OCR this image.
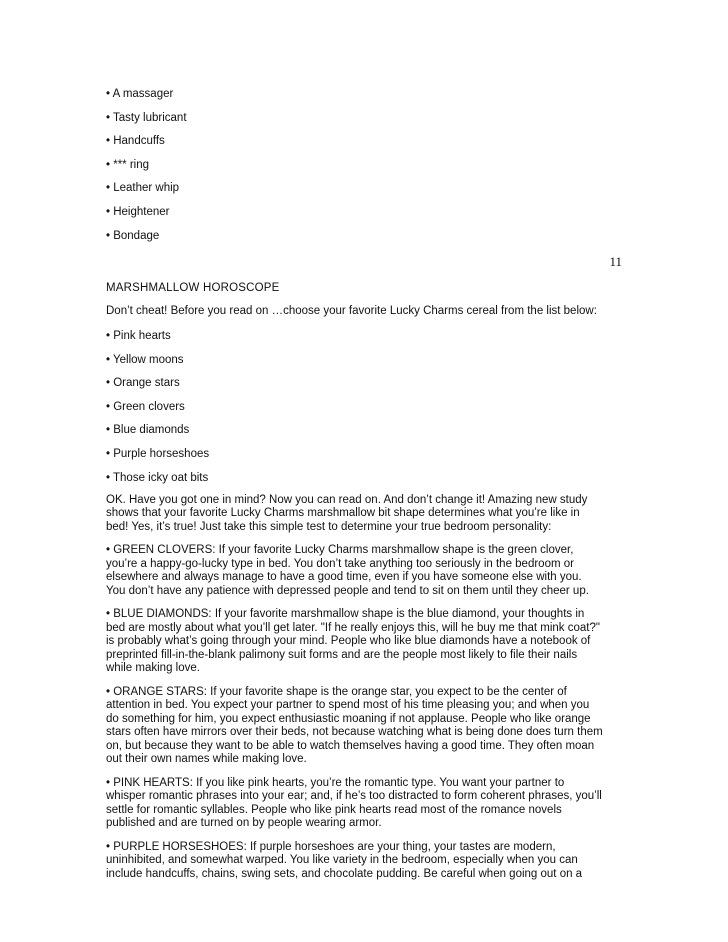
• A massager
• Tasty lubricant
• Handcuffs
• *** ring
• Leather whip
• Heightener
• Bondage
11
MARSHMALLOW HOROSCOPE
Don’t cheat! Before you read on …choose your favorite Lucky Charms cereal from the list below:
• Pink hearts
• Yellow moons
• Orange stars
• Green clovers
• Blue diamonds
• Purple horseshoes
• Those icky oat bits
OK. Have you got one in mind? Now you can read on. And don’t change it! Amazing new study
shows that your favorite Lucky Charms marshmallow bit shape determines what you’re like in
bed! Yes, it’s true! Just take this simple test to determine your true bedroom personality:
• GREEN CLOVERS: If your favorite Lucky Charms marshmallow shape is the green clover,
you’re a happy-go-lucky type in bed. You don’t take anything too seriously in the bedroom or
elsewhere and always manage to have a good time, even if you have someone else with you.
You don’t have any patience with depressed people and tend to sit on them until they cheer up.
• BLUE DIAMONDS: If your favorite marshmallow shape is the blue diamond, your thoughts in
bed are mostly about what you’ll get later. "If he really enjoys this, will he buy me that mink coat?"
is probably what’s going through your mind. People who like blue diamonds have a notebook of
preprinted fill-in-the-blank palimony suit forms and are the people most likely to file their nails
while making love.
• ORANGE STARS: If your favorite shape is the orange star, you expect to be the center of
attention in bed. You expect your partner to spend most of his time pleasing you; and when you
do something for him, you expect enthusiastic moaning if not applause. People who like orange
stars often have mirrors over their beds, not because watching what is being done does turn them
on, but because they want to be able to watch themselves having a good time. They often moan
out their own names while making love.
• PINK HEARTS: If you like pink hearts, you’re the romantic type. You want your partner to
whisper romantic phrases into your ear; and, if he’s too distracted to form coherent phrases, you’ll
settle for romantic syllables. People who like pink hearts read most of the romance novels
published and are turned on by people wearing armor.
• PURPLE HORSESHOES: If purple horseshoes are your thing, your tastes are modern,
uninhibited, and somewhat warped. You like variety in the bedroom, especially when you can
include handcuffs, chains, swing sets, and chocolate pudding. Be careful when going out on a
